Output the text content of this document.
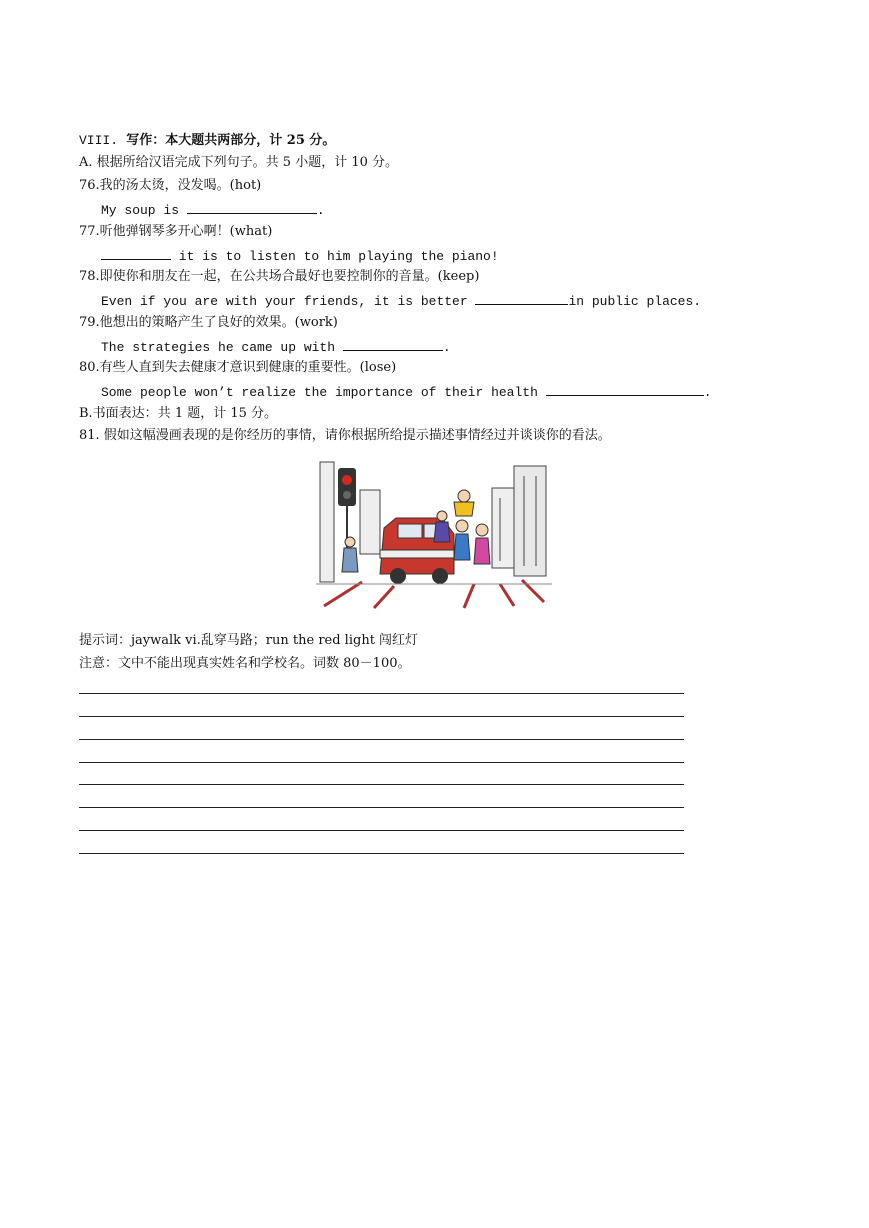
VIII. 写作：本大题共两部分，计 25 分。
A. 根据所给汉语完成下列句子。共 5 小题，计 10 分。
76.我的汤太烫，没发喝。(hot)
My soup is	.
77.听他弹钢琴多开心啊！(what)
it is to listen to him playing the piano!
78.即使你和朋友在一起，在公共场合最好也要控制你的音量。(keep)
Even if you are with your friends, it is better	in public places.
79.他想出的策略产生了良好的效果。(work)
The strategies he came up with	.
80.有些人直到失去健康才意识到健康的重要性。(lose)
Some people won’t realize the importance of their health	.
B.书面表达：共 1 题，计 15 分。
81. 假如这幅漫画表现的是你经历的事情，请你根据所给提示描述事情经过并谈谈你的看法。
提示词：jaywalk vi.乱穿马路；run the red light 闯红灯
注意：文中不能出现真实姓名和学校名。词数 80－100。
